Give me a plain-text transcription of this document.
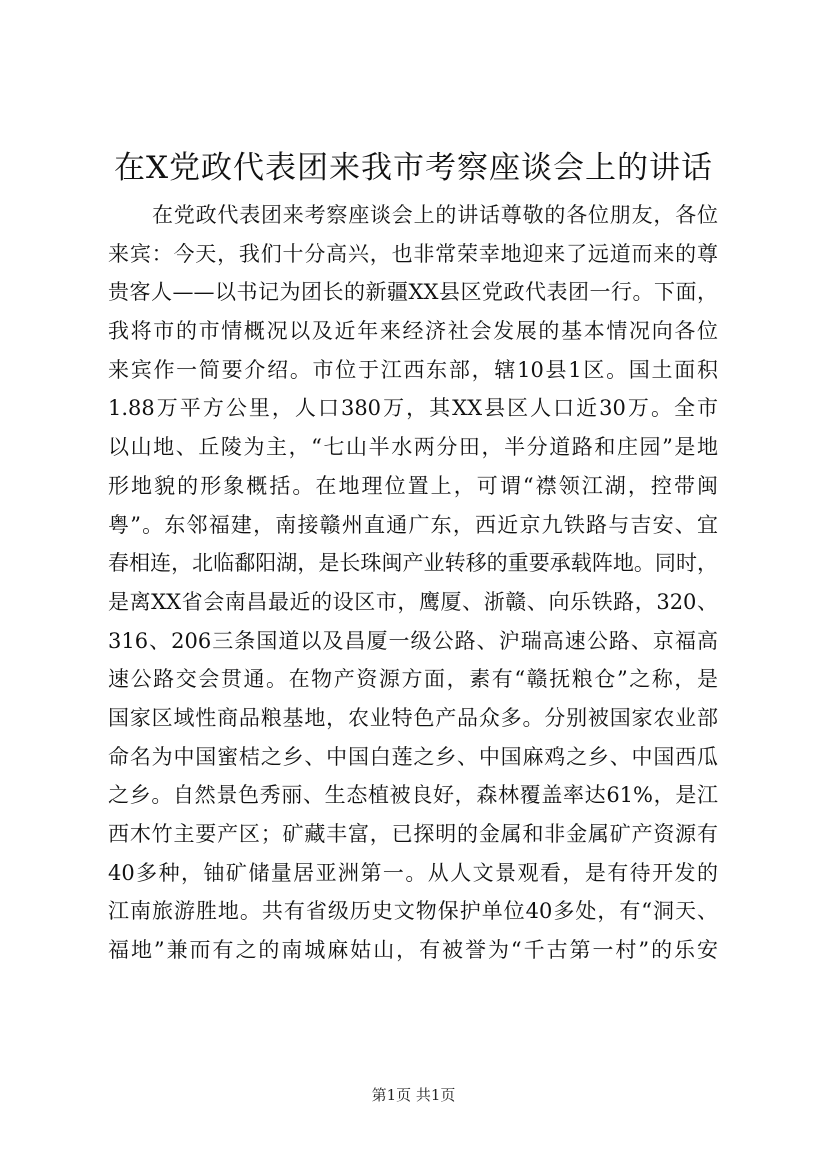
在X党政代表团来我市考察座谈会上的讲话
在党政代表团来考察座谈会上的讲话尊敬的各位朋友，各位
来宾：今天，我们十分高兴，也非常荣幸地迎来了远道而来的尊
贵客人——以书记为团长的新疆XX县区党政代表团一行。下面，
我将市的市情概况以及近年来经济社会发展的基本情况向各位
来宾作一简要介绍。市位于江西东部，辖10县1区。国土面积
1.88万平方公里，人口380万，其XX县区人口近30万。全市
以山地、丘陵为主，“七山半水两分田，半分道路和庄园”是地
形地貌的形象概括。在地理位置上，可谓“襟领江湖，控带闽
粤”。东邻福建，南接赣州直通广东，西近京九铁路与吉安、宜
春相连，北临鄱阳湖，是长珠闽产业转移的重要承载阵地。同时，
是离XX省会南昌最近的设区市，鹰厦、浙赣、向乐铁路，320、
316、206三条国道以及昌厦一级公路、沪瑞高速公路、京福高
速公路交会贯通。在物产资源方面，素有“赣抚粮仓”之称，是
国家区域性商品粮基地，农业特色产品众多。分别被国家农业部
命名为中国蜜桔之乡、中国白莲之乡、中国麻鸡之乡、中国西瓜
之乡。自然景色秀丽、生态植被良好，森林覆盖率达61%，是江
西木竹主要产区；矿藏丰富，已探明的金属和非金属矿产资源有
40多种，铀矿储量居亚洲第一。从人文景观看，是有待开发的
江南旅游胜地。共有省级历史文物保护单位40多处，有“洞天、
福地”兼而有之的南城麻姑山，有被誉为“千古第一村”的乐安
第1页 共1页
